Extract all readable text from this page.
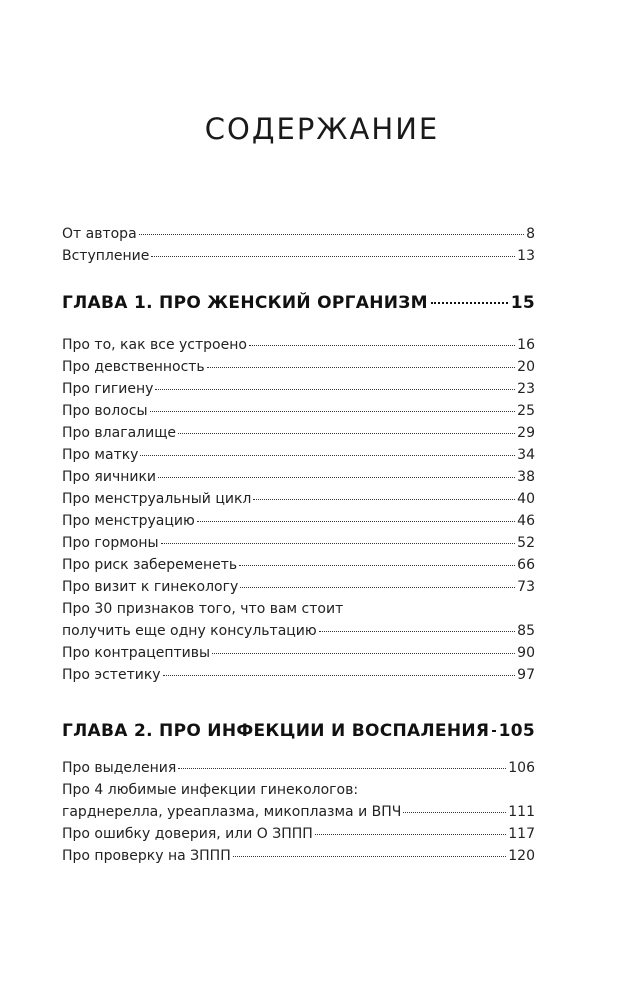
СОДЕРЖАНИЕ
От автора	8
Вступление	13
ГЛАВА 1. ПРО ЖЕНСКИЙ ОРГАНИЗМ	15
Про то, как все устроено	16
Про девственность	20
Про гигиену	23
Про волосы	25
Про влагалище	29
Про матку	34
Про яичники	38
Про менструальный цикл	40
Про менструацию	46
Про гормоны	52
Про риск забеременеть	66
Про визит к гинекологу	73
Про 30 признаков того, что вам стоит
получить еще одну консультацию	85
Про контрацептивы	90
Про эстетику	97
ГЛАВА 2. ПРО ИНФЕКЦИИ И ВОСПАЛЕНИЯ 105
Про выделения	106
Про 4 любимые инфекции гинекологов:
гарднерелла, уреаплазма, микоплазма и ВПЧ	111
Про ошибку доверия, или О ЗППП	117
Про проверку на ЗППП	120
